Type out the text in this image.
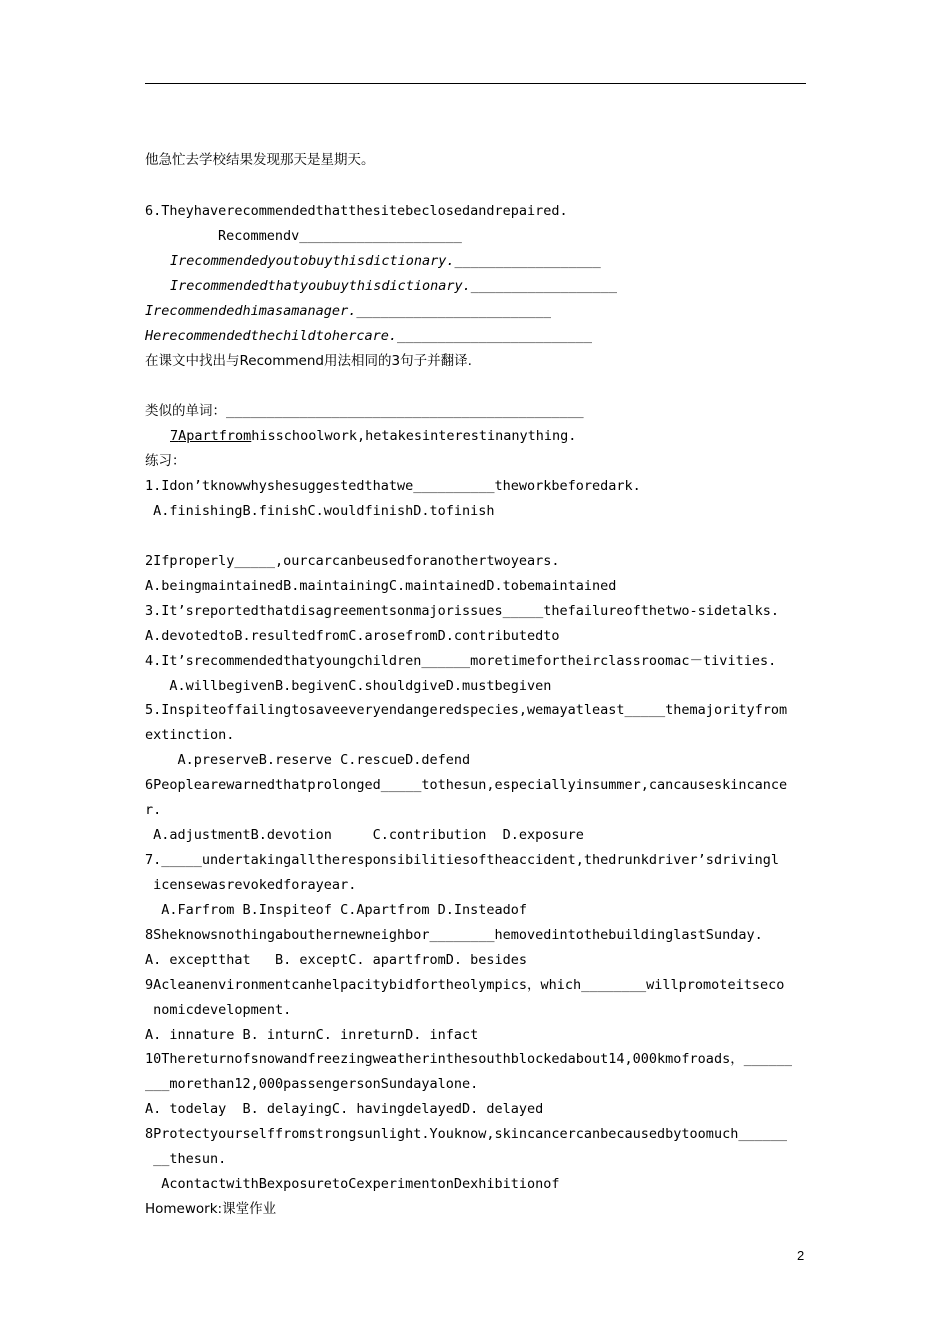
他急忙去学校结果发现那天是星期天。
6.Theyhaverecommendedthatthesitebeclosedandrepaired.
Recommendv____________________
Irecommendedyoutobuythisdictionary.__________________
Irecommendedthatyoubuythisdictionary.__________________
Irecommendedhimasamanager.________________________
Herecommendedthechildtohercare.________________________
在课文中找出与Recommend用法相同的3句子并翻译.
类似的单词：____________________________________________
7Apartfromhisschoolwork,hetakesinterestinanything.
练习：
1.Idon’tknowwhyshesuggestedthatwe__________theworkbeforedark.
A.finishingB.finishC.wouldfinishD.tofinish
2Ifproperly_____,ourcarcanbeusedforanothertwoyears.
A.beingmaintainedB.maintainingC.maintainedD.tobemaintained
3.It’sreportedthatdisagreementsonmajorissues_____thefailureofthetwo-sidetalks.
A.devotedtoB.resultedfromC.arosefromD.contributedto
4.It’srecommendedthatyoungchildren______moretimefortheirclassroomac－tivities.
A.willbegivenB.begivenC.shouldgiveD.mustbegiven
5.Inspiteoffailingtosaveeveryendangeredspecies,wemayatleast_____themajorityfrom
extinction.
A.preserveB.reserve C.rescueD.defend
6Peoplearewarnedthatprolonged_____tothesun,especiallyinsummer,cancauseskincance
r.
A.adjustmentB.devotion     C.contribution  D.exposure
7._____undertakingalltheresponsibilitiesoftheaccident,thedrunkdriver’sdrivingl
icensewasrevokedforayear.
A.Farfrom B.Inspiteof C.Apartfrom D.Insteadof
8Sheknowsnothingabouthernewneighbor________hemovedintothebuildinglastSunday.
A. exceptthat   B. exceptC. apartfromD. besides
9Acleanenvironmentcanhelpacitybidfortheolympics，which________willpromoteitseco
nomicdevelopment.
A. innature B. inturnC. inreturnD. infact
10Thereturnofsnowandfreezingweatherinthesouthblockedabout14,000kmofroads，______
___morethan12,000passengersonSundayalone.
A. todelay  B. delayingC. havingdelayedD. delayed
8Protectyourselffromstrongsunlight.Youknow,skincancercanbecausedbytoomuch______
__thesun.
AcontactwithBexposuretoCexperimentonDexhibitionof
Homework:课堂作业
2
